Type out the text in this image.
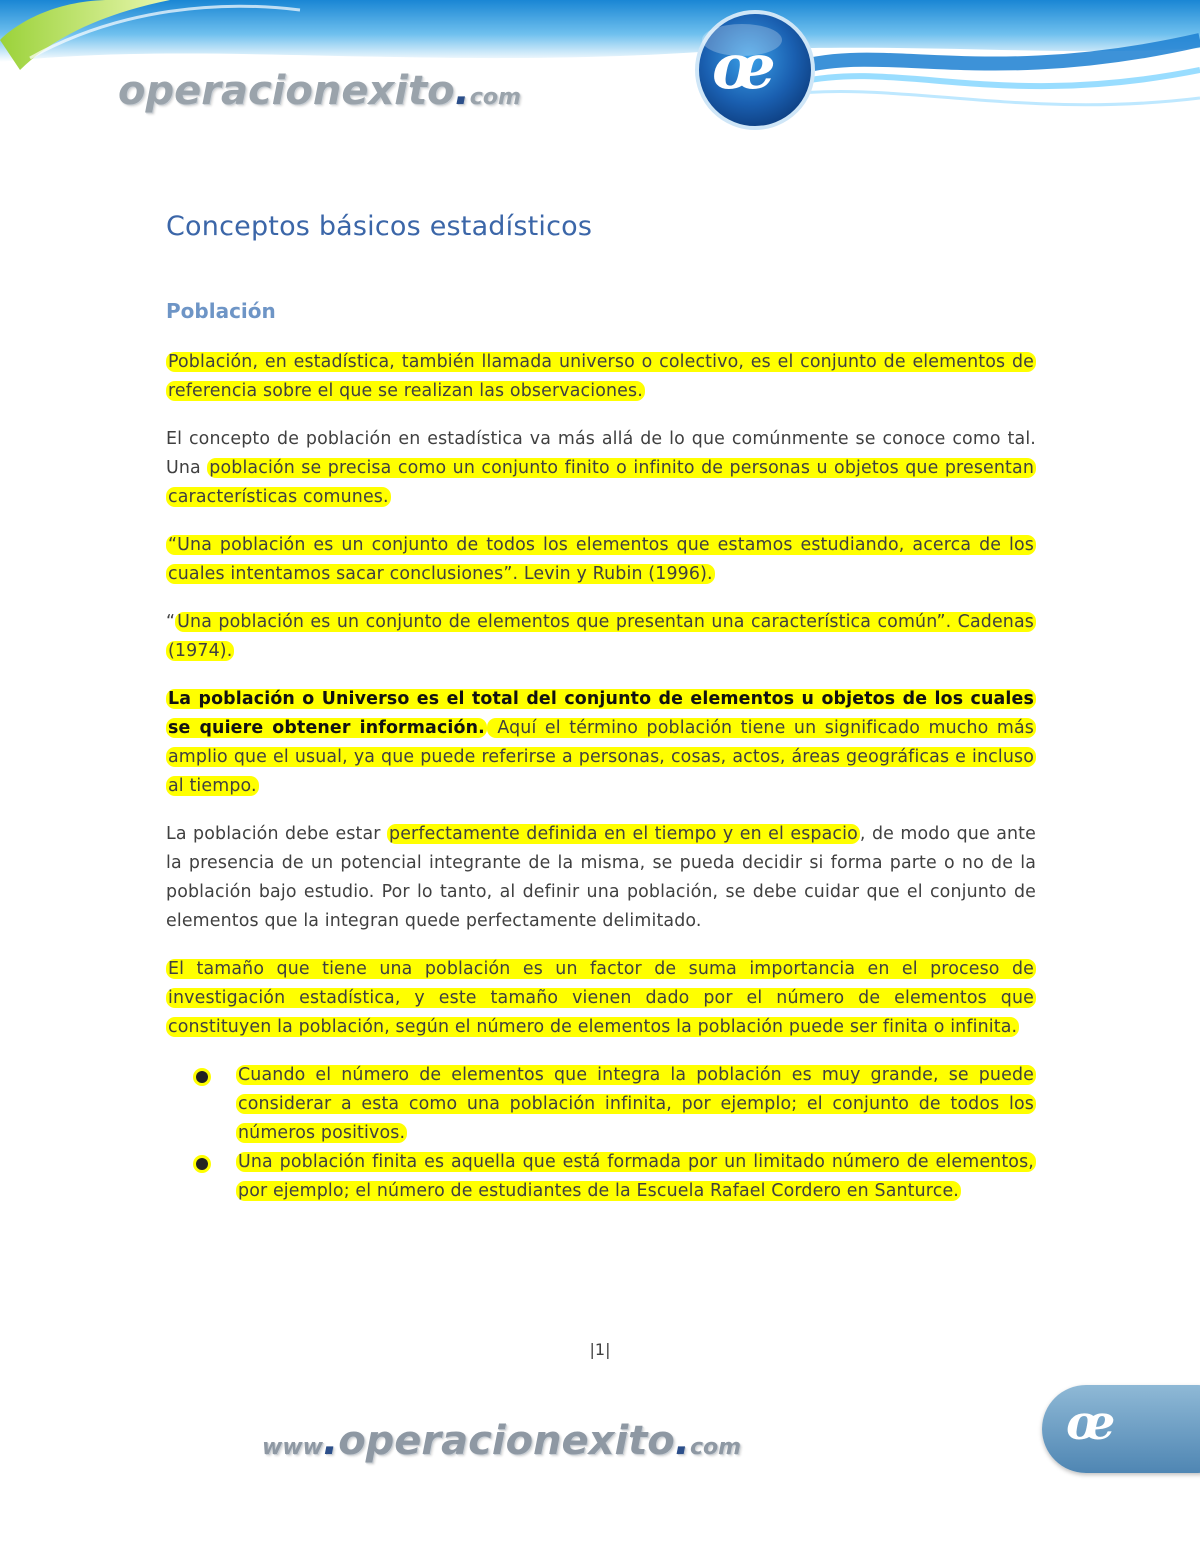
œ
operacionexito.com
Conceptos básicos estadísticos
Población

Población, en estadística, también llamada universo o colectivo, es el conjunto de elementos de referencia sobre el que se realizan las observaciones.

El concepto de población en estadística va más allá de lo que comúnmente se conoce como tal. Una población se precisa como un conjunto finito o infinito de personas u objetos que presentan características comunes.

“Una población es un conjunto de todos los elementos que estamos estudiando, acerca de los cuales intentamos sacar conclusiones”. Levin y Rubin (1996).

“ Una población es un conjunto de elementos que presentan una característica común”. Cadenas (1974).

La población o Universo es el total del conjunto de elementos u objetos de los cuales se quiere obtener información. Aquí el término población tiene un significado mucho más amplio que el usual, ya que puede referirse a personas, cosas, actos, áreas geográficas e incluso al tiempo.

La población debe estar perfectamente definida en el tiempo y en el espacio , de modo que ante la presencia de un potencial integrante de la misma, se pueda decidir si forma parte o no de la población bajo estudio. Por lo tanto, al definir una población, se debe cuidar que el conjunto de elementos que la integran quede perfectamente delimitado.

El tamaño que tiene una población es un factor de suma importancia en el proceso de investigación estadística, y este tamaño vienen dado por el número de elementos que constituyen la población, según el número de elementos la población puede ser finita o infinita.

Cuando el número de elementos que integra la población es muy grande, se puede considerar a esta como una población infinita, por ejemplo; el conjunto de todos los números positivos.
Una población finita es aquella que está formada por un limitado número de elementos, por ejemplo; el número de estudiantes de la Escuela Rafael Cordero en Santurce.
|1|
www.operacionexito.com	œ
